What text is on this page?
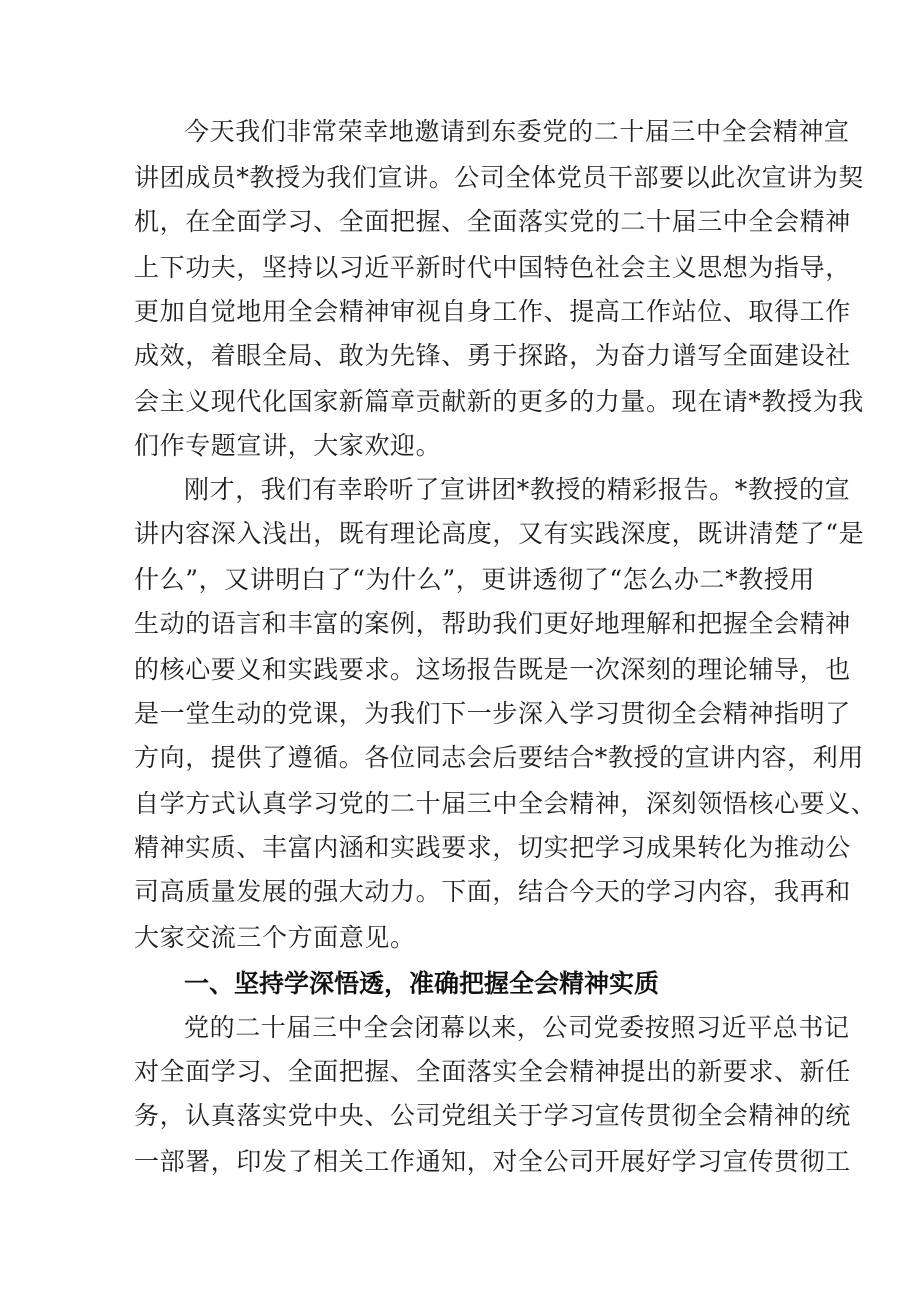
今天我们非常荣幸地邀请到东委党的二十届三中全会精神宣
讲团成员*教授为我们宣讲。公司全体党员干部要以此次宣讲为契
机，在全面学习、全面把握、全面落实党的二十届三中全会精神
上下功夫，坚持以习近平新时代中国特色社会主义思想为指导，
更加自觉地用全会精神审视自身工作、提高工作站位、取得工作
成效，着眼全局、敢为先锋、勇于探路，为奋力谱写全面建设社
会主义现代化国家新篇章贡献新的更多的力量。现在请*教授为我
们作专题宣讲，大家欢迎。
刚才，我们有幸聆听了宣讲团*教授的精彩报告。*教授的宣
讲内容深入浅出，既有理论高度，又有实践深度，既讲清楚了“是
什么”，又讲明白了“为什么”，更讲透彻了“怎么办二*教授用
生动的语言和丰富的案例，帮助我们更好地理解和把握全会精神
的核心要义和实践要求。这场报告既是一次深刻的理论辅导，也
是一堂生动的党课，为我们下一步深入学习贯彻全会精神指明了
方向，提供了遵循。各位同志会后要结合*教授的宣讲内容，利用
自学方式认真学习党的二十届三中全会精神，深刻领悟核心要义、
精神实质、丰富内涵和实践要求，切实把学习成果转化为推动公
司高质量发展的强大动力。下面，结合今天的学习内容，我再和
大家交流三个方面意见。
一、坚持学深悟透，准确把握全会精神实质
党的二十届三中全会闭幕以来，公司党委按照习近平总书记
对全面学习、全面把握、全面落实全会精神提出的新要求、新任
务，认真落实党中央、公司党组关于学习宣传贯彻全会精神的统
一部署，印发了相关工作通知，对全公司开展好学习宣传贯彻工
